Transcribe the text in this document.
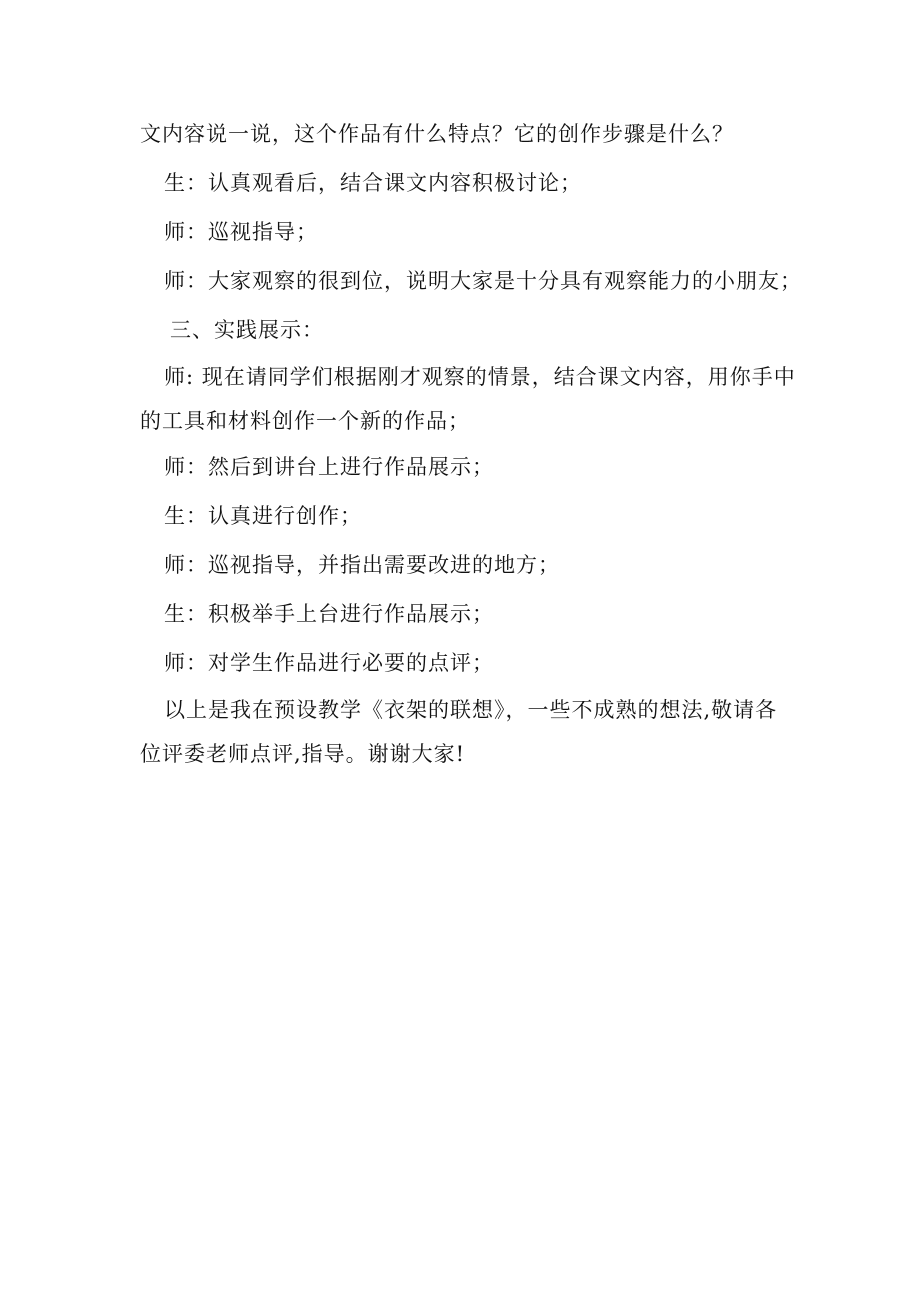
文内容说一说，这个作品有什么特点？它的创作步骤是什么？
生：认真观看后，结合课文内容积极讨论；
师：巡视指导；
师：大家观察的很到位，说明大家是十分具有观察能力的小朋友；
三、实践展示：
师: 现在请同学们根据刚才观察的情景，结合课文内容，用你手中
的工具和材料创作一个新的作品；
师：然后到讲台上进行作品展示；
生：认真进行创作；
师：巡视指导，并指出需要改进的地方；
生：积极举手上台进行作品展示；
师：对学生作品进行必要的点评；
以上是我在预设教学《衣架的联想》，一些不成熟的想法,敬请各
位评委老师点评,指导。谢谢大家!
